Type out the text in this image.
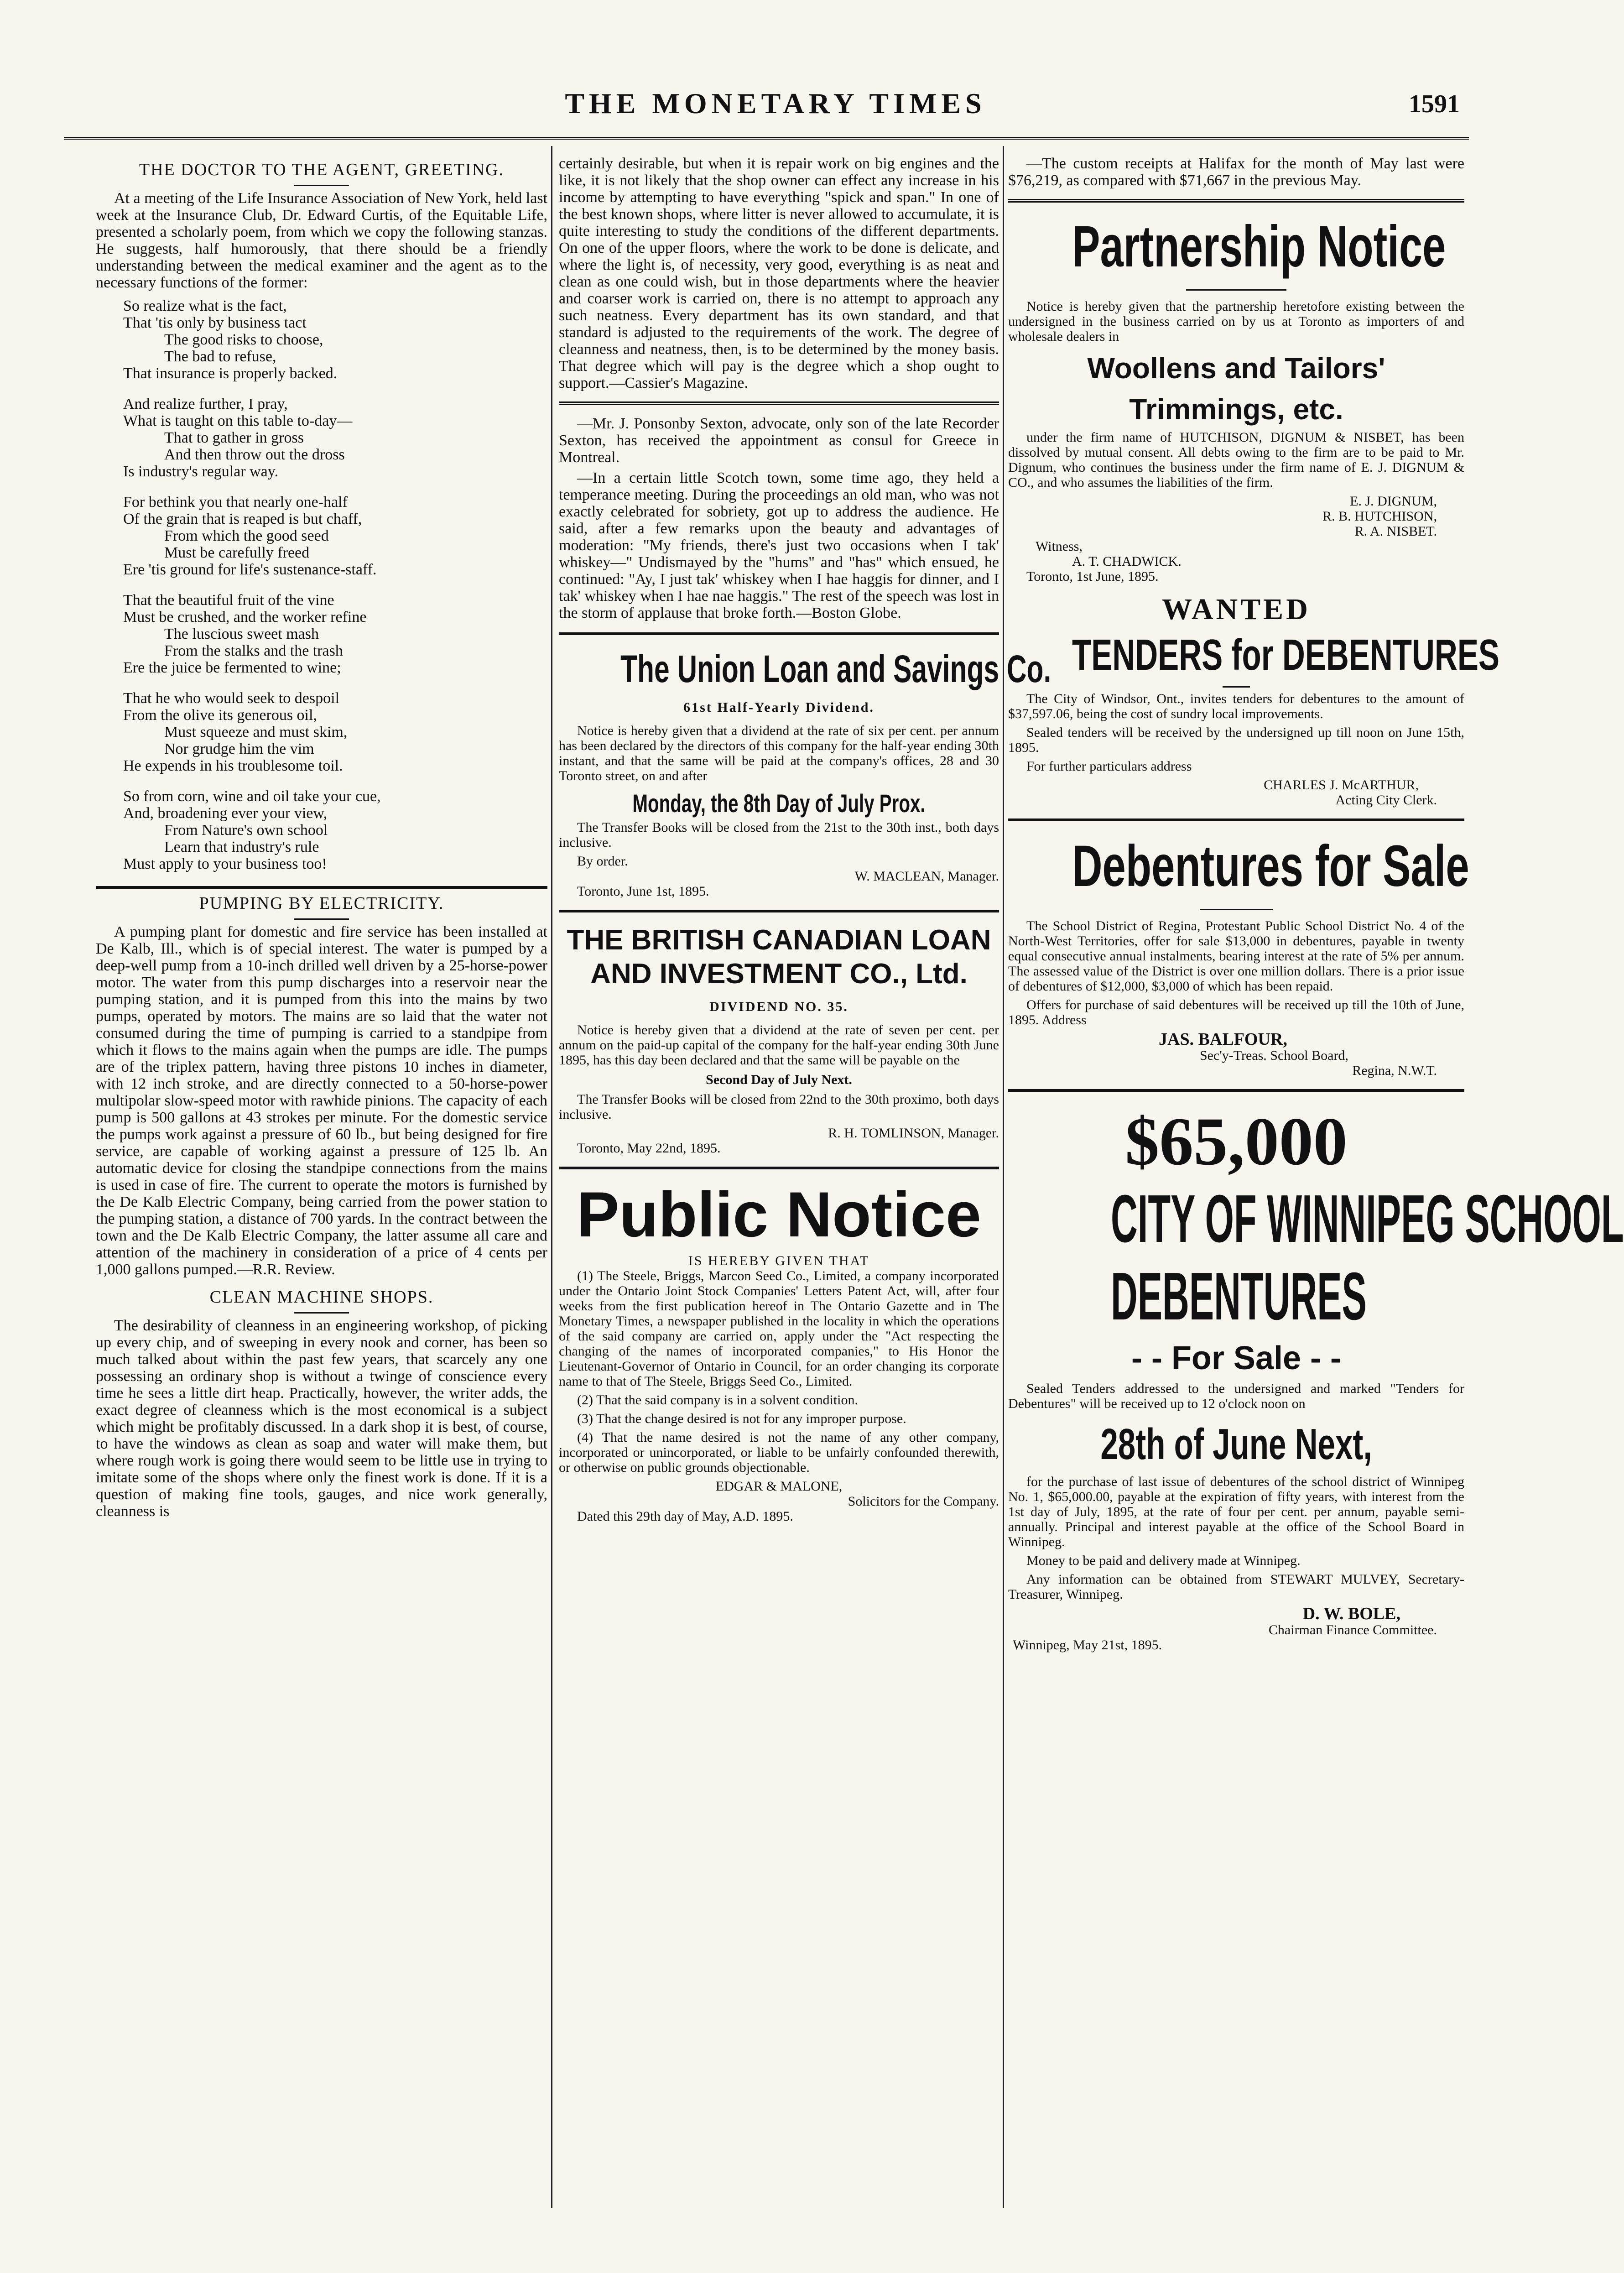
THE MONETARY TIMES	1591
THE DOCTOR TO THE AGENT, GREETING.

At a meeting of the Life Insurance Association of New York, held last week at the Insurance Club, Dr. Edward Curtis, of the Equitable Life, presented a scholarly poem, from which we copy the following stanzas. He suggests, half humorously, that there should be a friendly understanding between the medical examiner and the agent as to the necessary functions of the former:

So realize what is the fact,
That 'tis only by business tact
The good risks to choose,
The bad to refuse,
That insurance is properly backed.
And realize further, I pray,
What is taught on this table to-day—
That to gather in gross
And then throw out the dross
Is industry's regular way.
For bethink you that nearly one-half
Of the grain that is reaped is but chaff,
From which the good seed
Must be carefully freed
Ere 'tis ground for life's sustenance-staff.
That the beautiful fruit of the vine
Must be crushed, and the worker refine
The luscious sweet mash
From the stalks and the trash
Ere the juice be fermented to wine;
That he who would seek to despoil
From the olive its generous oil,
Must squeeze and must skim,
Nor grudge him the vim
He expends in his troublesome toil.
So from corn, wine and oil take your cue,
And, broadening ever your view,
From Nature's own school
Learn that industry's rule
Must apply to your business too!
PUMPING BY ELECTRICITY.

A pumping plant for domestic and fire service has been installed at De Kalb, Ill., which is of special interest. The water is pumped by a deep-well pump from a 10-inch drilled well driven by a 25-horse-power motor. The water from this pump discharges into a reservoir near the pumping station, and it is pumped from this into the mains by two pumps, operated by motors. The mains are so laid that the water not consumed during the time of pumping is carried to a standpipe from which it flows to the mains again when the pumps are idle. The pumps are of the triplex pattern, having three pistons 10 inches in diameter, with 12 inch stroke, and are directly connected to a 50-horse-power multipolar slow-speed motor with rawhide pinions. The capacity of each pump is 500 gallons at 43 strokes per minute. For the domestic service the pumps work against a pressure of 60 lb., but being designed for fire service, are capable of working against a pressure of 125 lb. An automatic device for closing the standpipe connections from the mains is used in case of fire. The current to operate the motors is furnished by the De Kalb Electric Company, being carried from the power station to the pumping station, a distance of 700 yards. In the contract between the town and the De Kalb Electric Company, the latter assume all care and attention of the machinery in consideration of a price of 4 cents per 1,000 gallons pumped.—R.R. Review.

CLEAN MACHINE SHOPS.

The desirability of cleanness in an engineering workshop, of picking up every chip, and of sweeping in every nook and corner, has been so much talked about within the past few years, that scarcely any one possessing an ordinary shop is without a twinge of conscience every time he sees a little dirt heap. Practically, however, the writer adds, the exact degree of cleanness which is the most economical is a subject which might be profitably discussed. In a dark shop it is best, of course, to have the windows as clean as soap and water will make them, but where rough work is going there would seem to be little use in trying to imitate some of the shops where only the finest work is done. If it is a question of making fine tools, gauges, and nice work generally, cleanness is

certainly desirable, but when it is repair work on big engines and the like, it is not likely that the shop owner can effect any increase in his income by attempting to have everything "spick and span." In one of the best known shops, where litter is never allowed to accumulate, it is quite interesting to study the conditions of the different departments. On one of the upper floors, where the work to be done is delicate, and where the light is, of necessity, very good, everything is as neat and clean as one could wish, but in those departments where the heavier and coarser work is carried on, there is no attempt to approach any such neatness. Every department has its own standard, and that standard is adjusted to the requirements of the work. The degree of cleanness and neatness, then, is to be determined by the money basis. That degree which will pay is the degree which a shop ought to support.—Cassier's Magazine.

—Mr. J. Ponsonby Sexton, advocate, only son of the late Recorder Sexton, has received the appointment as consul for Greece in Montreal.

—In a certain little Scotch town, some time ago, they held a temperance meeting. During the proceedings an old man, who was not exactly celebrated for sobriety, got up to address the audience. He said, after a few remarks upon the beauty and advantages of moderation: "My friends, there's just two occasions when I tak' whiskey—" Undismayed by the "hums" and "has" which ensued, he continued: "Ay, I just tak' whiskey when I hae haggis for dinner, and I tak' whiskey when I hae nae haggis." The rest of the speech was lost in the storm of applause that broke forth.—Boston Globe.

The Union Loan and Savings Co.
61st Half-Yearly Dividend.

Notice is hereby given that a dividend at the rate of six per cent. per annum has been declared by the directors of this company for the half-year ending 30th instant, and that the same will be paid at the company's offices, 28 and 30 Toronto street, on and after

Monday, the 8th Day of July Prox.

The Transfer Books will be closed from the 21st to the 30th inst., both days inclusive.

By order.
W. MACLEAN, Manager.
Toronto, June 1st, 1895.
THE BRITISH CANADIAN LOAN AND INVESTMENT CO., Ltd.
DIVIDEND NO. 35.

Notice is hereby given that a dividend at the rate of seven per cent. per annum on the paid-up capital of the company for the half-year ending 30th June 1895, has this day been declared and that the same will be payable on the

Second Day of July Next.

The Transfer Books will be closed from 22nd to the 30th proximo, both days inclusive.

R. H. TOMLINSON, Manager.
Toronto, May 22nd, 1895.
Public Notice
IS HEREBY GIVEN THAT

(1) The Steele, Briggs, Marcon Seed Co., Limited, a company incorporated under the Ontario Joint Stock Companies' Letters Patent Act, will, after four weeks from the first publication hereof in The Ontario Gazette and in The Monetary Times, a newspaper published in the locality in which the operations of the said company are carried on, apply under the "Act respecting the changing of the names of incorporated companies," to His Honor the Lieutenant-Governor of Ontario in Council, for an order changing its corporate name to that of The Steele, Briggs Seed Co., Limited.

(2) That the said company is in a solvent condition.

(3) That the change desired is not for any improper purpose.

(4) That the name desired is not the name of any other company, incorporated or unincorporated, or liable to be unfairly confounded therewith, or otherwise on public grounds objectionable.

EDGAR & MALONE,
Solicitors for the Company.
Dated this 29th day of May, A.D. 1895.

—The custom receipts at Halifax for the month of May last were $76,219, as compared with $71,667 in the previous May.

Partnership Notice

Notice is hereby given that the partnership heretofore existing between the undersigned in the business carried on by us at Toronto as importers of and wholesale dealers in

Woollens and Tailors' Trimmings, etc.

under the firm name of HUTCHISON, DIGNUM & NISBET, has been dissolved by mutual consent. All debts owing to the firm are to be paid to Mr. Dignum, who continues the business under the firm name of E. J. DIGNUM & CO., and who assumes the liabilities of the firm.

E. J. DIGNUM,
R. B. HUTCHISON,
R. A. NISBET.
Witness,
A. T. CHADWICK.
Toronto, 1st June, 1895.
WANTED
TENDERS for DEBENTURES

The City of Windsor, Ont., invites tenders for debentures to the amount of $37,597.06, being the cost of sundry local improvements.

Sealed tenders will be received by the undersigned up till noon on June 15th, 1895.

For further particulars address

CHARLES J. McARTHUR,
Acting City Clerk.
Debentures for Sale

The School District of Regina, Protestant Public School District No. 4 of the North-West Territories, offer for sale $13,000 in debentures, payable in twenty equal consecutive annual instalments, bearing interest at the rate of 5% per annum. The assessed value of the District is over one million dollars. There is a prior issue of debentures of $12,000, $3,000 of which has been repaid.

Offers for purchase of said debentures will be received up till the 10th of June, 1895. Address

JAS. BALFOUR,
Sec'y-Treas. School Board,
Regina, N.W.T.
$65,000
CITY OF WINNIPEG SCHOOL
DEBENTURES
- - For Sale - -

Sealed Tenders addressed to the undersigned and marked "Tenders for Debentures" will be received up to 12 o'clock noon on

28th of June Next,

for the purchase of last issue of debentures of the school district of Winnipeg No. 1, $65,000.00, payable at the expiration of fifty years, with interest from the 1st day of July, 1895, at the rate of four per cent. per annum, payable semi-annually. Principal and interest payable at the office of the School Board in Winnipeg.

Money to be paid and delivery made at Winnipeg.

Any information can be obtained from STEWART MULVEY, Secretary-Treasurer, Winnipeg.

D. W. BOLE,
Chairman Finance Committee.
Winnipeg, May 21st, 1895.
